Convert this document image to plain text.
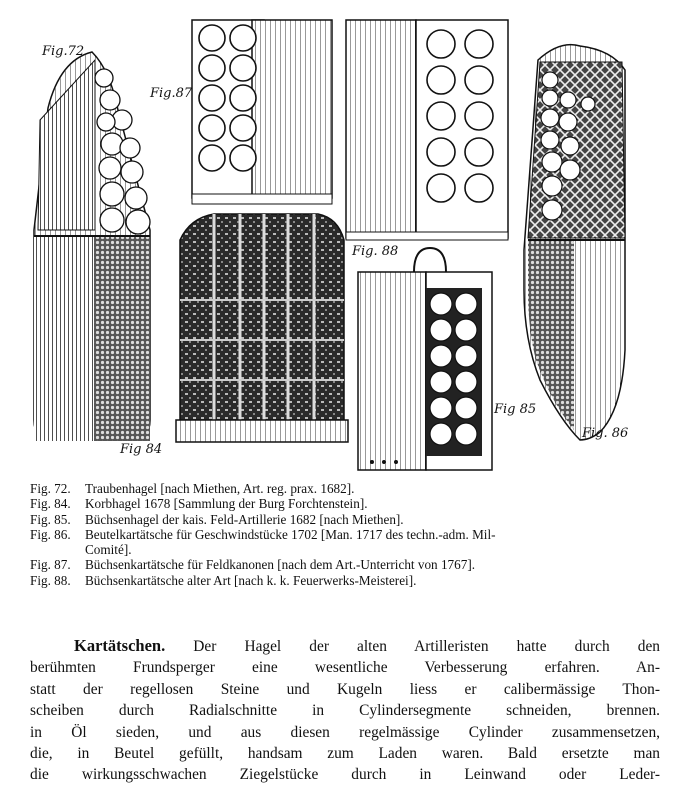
Fig.72
Fig.87
Fig. 88
Fig 84
Fig 85
Fig. 86
Fig. 72.	Traubenhagel [nach Miethen, Art. reg. prax. 1682].
Fig. 84.	Korbhagel 1678 [Sammlung der Burg Forchtenstein].
Fig. 85.	Büchsenhagel der kais. Feld-Artillerie 1682 [nach Miethen].
Fig. 86.	Beutelkartätsche für Geschwindstücke 1702 [Man. 1717 des techn.-adm. Mil-
Comité].
Fig. 87.	Büchsenkartätsche für Feldkanonen [nach dem Art.-Unterricht von 1767].
Fig. 88.	Büchsenkartätsche alter Art [nach k. k. Feuerwerks-Meisterei].
Kartätschen. Der Hagel der alten Artilleristen hatte durch den
berühmten Frundsperger eine wesentliche Verbesserung erfahren. An-
statt der regellosen Steine und Kugeln liess er calibermässige Thon-
scheiben durch Radialschnitte in Cylindersegmente schneiden, brennen.
in Öl sieden, und aus diesen regelmässige Cylinder zusammensetzen,
die, in Beutel gefüllt, handsam zum Laden waren. Bald ersetzte man
die wirkungsschwachen Ziegelstücke durch in Leinwand oder Leder-
